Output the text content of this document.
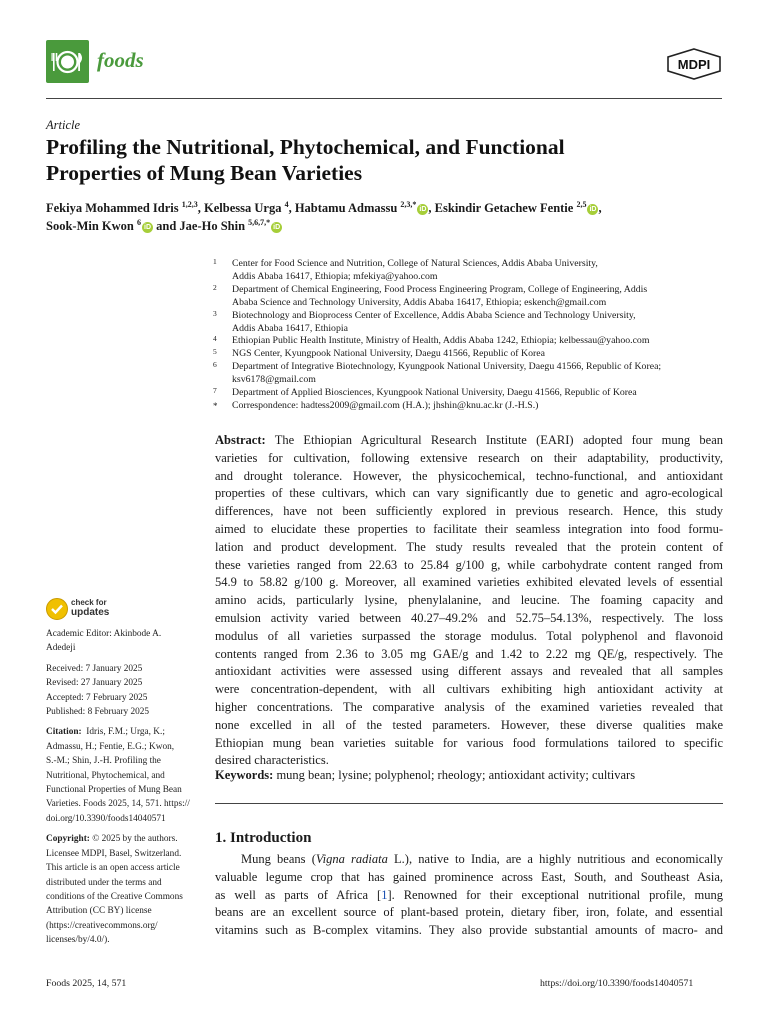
foods	MDPI
Article
Profiling the Nutritional, Phytochemical, and Functional
Properties of Mung Bean Varieties
Fekiya Mohammed Idris $^{1,2,3}$, Kelbessa Urga $^4$, Habtamu Admassu $^{2,3,*}$iD , Eskindir Getachew Fentie $^{2,5}$iD ,
Sook-Min Kwon $^6$iD and Jae-Ho Shin $^{5,6,7,*}$iD
1 Center for Food Science and Nutrition, College of Natural Sciences, Addis Ababa University,
Addis Ababa 16417, Ethiopia; mfekiya@yahoo.com
2 Department of Chemical Engineering, Food Process Engineering Program, College of Engineering, Addis
Ababa Science and Technology University, Addis Ababa 16417, Ethiopia; eskench@gmail.com
3 Biotechnology and Bioprocess Center of Excellence, Addis Ababa Science and Technology University,
Addis Ababa 16417, Ethiopia
4 Ethiopian Public Health Institute, Ministry of Health, Addis Ababa 1242, Ethiopia; kelbessau@yahoo.com
5 NGS Center, Kyungpook National University, Daegu 41566, Republic of Korea
6 Department of Integrative Biotechnology, Kyungpook National University, Daegu 41566, Republic of Korea;
ksv6178@gmail.com
7 Department of Applied Biosciences, Kyungpook National University, Daegu 41566, Republic of Korea
* Correspondence: hadtess2009@gmail.com (H.A.); jhshin@knu.ac.kr (J.-H.S.)
Abstract: The Ethiopian Agricultural Research Institute (EARI) adopted four mung bean
varieties for cultivation, following extensive research on their adaptability, productivity,
and drought tolerance. However, the physicochemical, techno-functional, and antioxidant
properties of these cultivars, which can vary significantly due to genetic and agro-ecological
differences, have not been sufficiently explored in previous research. Hence, this study
aimed to elucidate these properties to facilitate their seamless integration into food formu-
lation and product development. The study results revealed that the protein content of
these varieties ranged from 22.63 to 25.84 g/100 g, while carbohydrate content ranged from
54.9 to 58.82 g/100 g. Moreover, all examined varieties exhibited elevated levels of essential
amino acids, particularly lysine, phenylalanine, and leucine. The foaming capacity and
emulsion activity varied between 40.27–49.2% and 52.75–54.13%, respectively. The loss
modulus of all varieties surpassed the storage modulus. Total polyphenol and flavonoid
contents ranged from 2.36 to 3.05 mg GAE/g and 1.42 to 2.22 mg QE/g, respectively. The
antioxidant activities were assessed using different assays and revealed that all samples
were concentration-dependent, with all cultivars exhibiting high antioxidant activity at
higher concentrations. The comparative analysis of the examined varieties revealed that
none excelled in all of the tested parameters. However, these diverse qualities make
Ethiopian mung bean varieties suitable for various food formulations tailored to specific
desired characteristics.
Keywords: mung bean; lysine; polyphenol; rheology; antioxidant activity; cultivars
1. Introduction
Mung beans (Vigna radiata L.), native to India, are a highly nutritious and economically
valuable legume crop that has gained prominence across East, South, and Southeast Asia,
as well as parts of Africa [1]. Renowned for their exceptional nutritional profile, mung
beans are an excellent source of plant-based protein, dietary fiber, iron, folate, and essential
vitamins such as B-complex vitamins. They also provide substantial amounts of macro- and
check for
updates
Academic Editor: Akinbode A.
Adedeji
Received: 7 January 2025
Revised: 27 January 2025
Accepted: 7 February 2025
Published: 8 February 2025
Citation: Idris, F.M.; Urga, K.;
Admassu, H.; Fentie, E.G.; Kwon,
S.-M.; Shin, J.-H. Profiling the
Nutritional, Phytochemical, and
Functional Properties of Mung Bean
Varieties. Foods 2025, 14, 571. https://
doi.org/10.3390/foods14040571
Copyright: © 2025 by the authors.
Licensee MDPI, Basel, Switzerland.
This article is an open access article
distributed under the terms and
conditions of the Creative Commons
Attribution (CC BY) license
(https://creativecommons.org/
licenses/by/4.0/).
Foods 2025, 14, 571	https://doi.org/10.3390/foods14040571
